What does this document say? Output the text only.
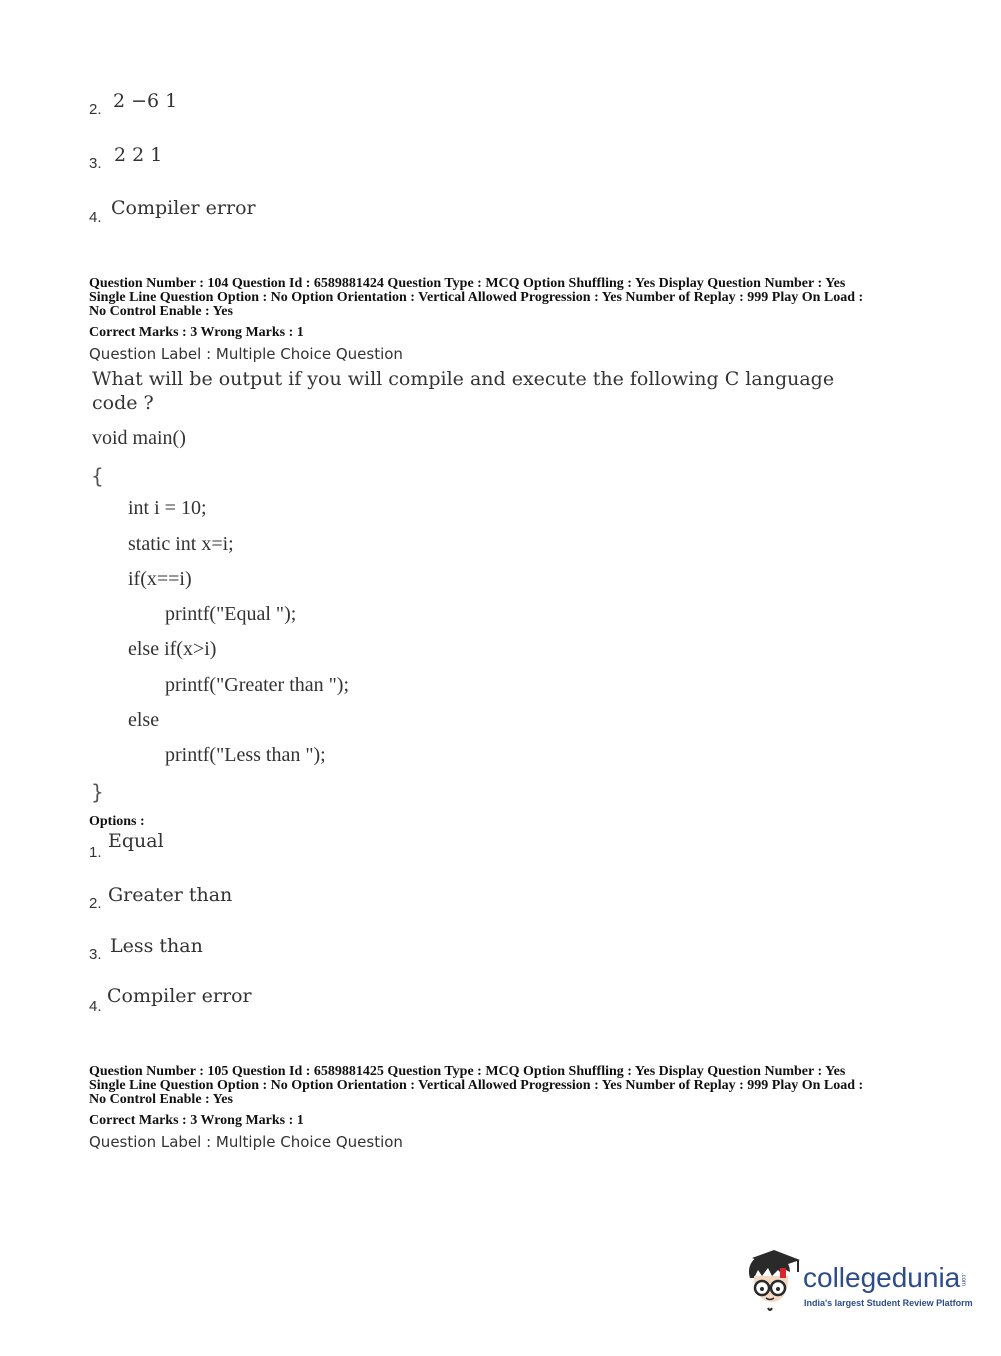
2. 2 −6 1
3. 2 2 1
4. Compiler error
Question Number : 104 Question Id : 6589881424 Question Type : MCQ Option Shuffling : Yes Display Question Number : Yes
Single Line Question Option : No Option Orientation : Vertical Allowed Progression : Yes Number of Replay : 999 Play On Load :
No Control Enable : Yes
Correct Marks : 3 Wrong Marks : 1
Question Label : Multiple Choice Question
What will be output if you will compile and execute the following C language
code ?
void main()
{
int i = 10;
static int x=i;
if(x==i)
printf("Equal ");
else if(x>i)
printf("Greater than ");
else
printf("Less than ");
}
Options :
1.
Equal
2. Greater than
3. Less than
4. Compiler error
Question Number : 105 Question Id : 6589881425 Question Type : MCQ Option Shuffling : Yes Display Question Number : Yes
Single Line Question Option : No Option Orientation : Vertical Allowed Progression : Yes Number of Replay : 999 Play On Load :
No Control Enable : Yes
Correct Marks : 3 Wrong Marks : 1
Question Label : Multiple Choice Question
collegedunia .com
India's largest Student Review Platform
